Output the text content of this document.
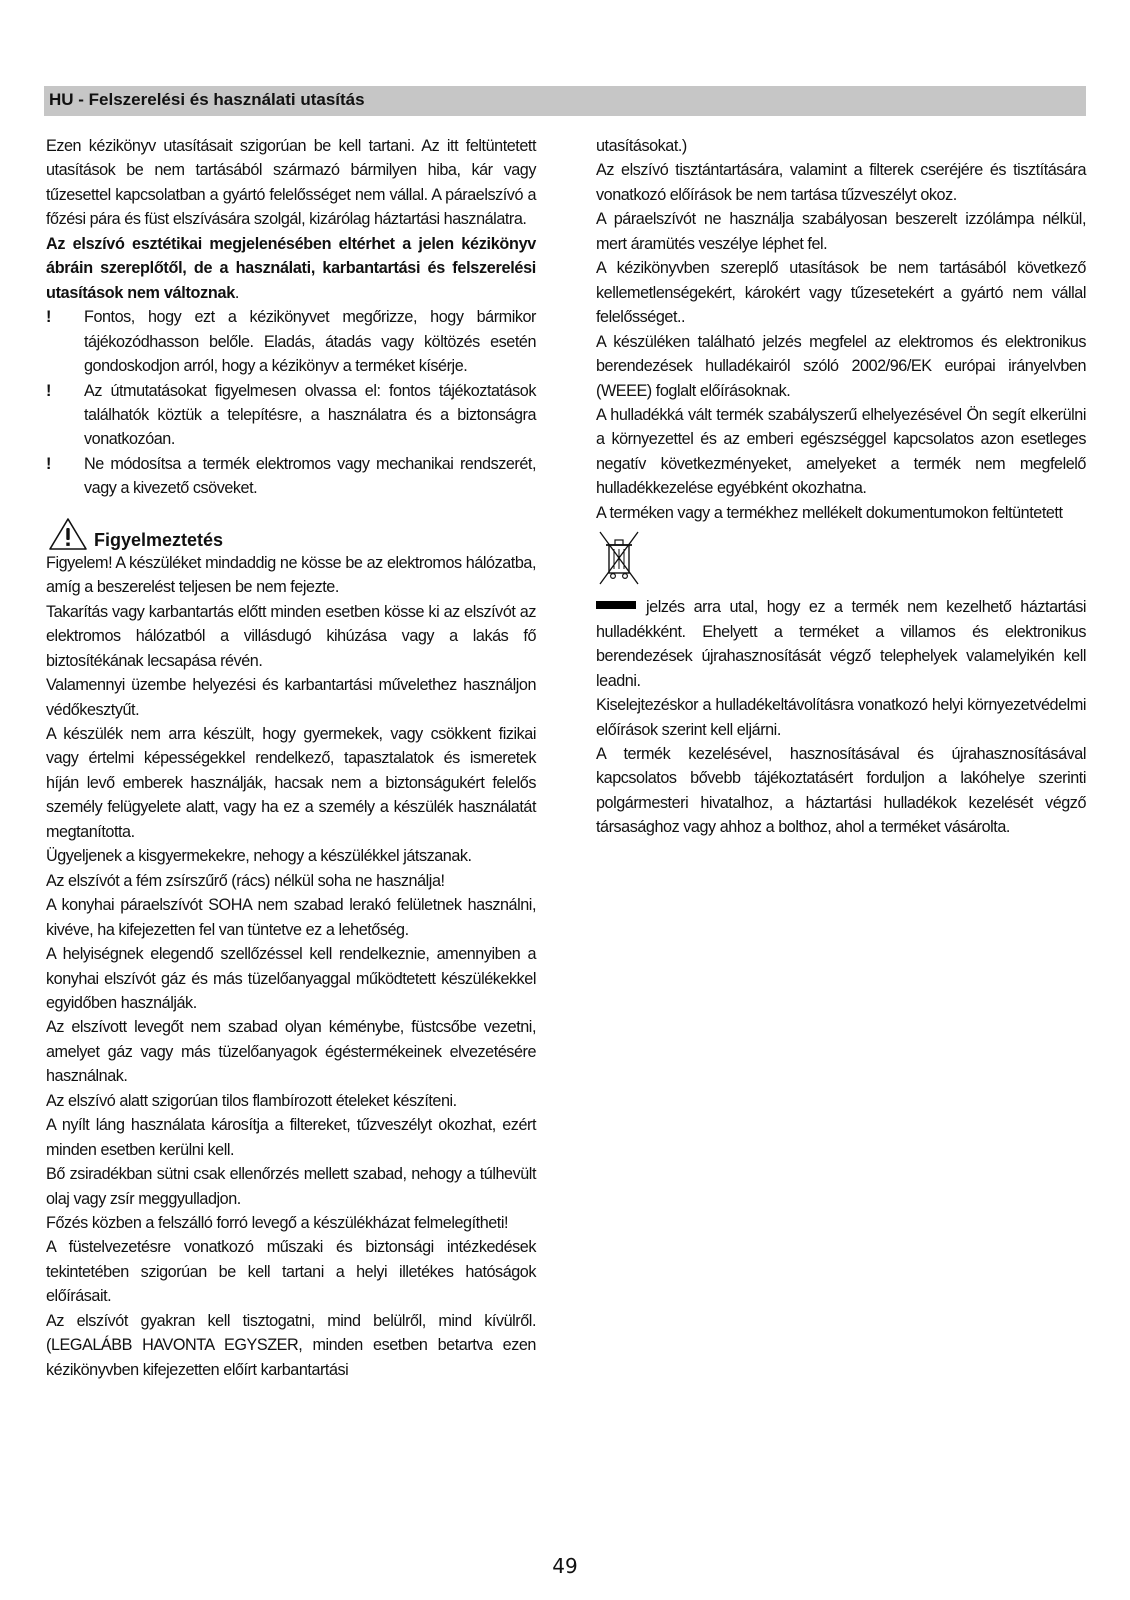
HU - Felszerelési és használati utasítás

Ezen kézikönyv utasításait szigorúan be kell tartani. Az itt feltüntetett utasítások be nem tartásából származó bármilyen hiba, kár vagy tűzesettel kapcsolatban a gyártó felelősséget nem vállal. A páraelszívó a főzési pára és füst elszívására szolgál, kizárólag háztartási használatra.

Az elszívó esztétikai megjelenésében eltérhet a jelen kézikönyv ábráin szereplőtől, de a használati, karbantartási és felszerelési utasítások nem változnak.

!	Fontos, hogy ezt a kézikönyvet megőrizze, hogy bármikor tájékozódhasson belőle. Eladás, átadás vagy költözés esetén gondoskodjon arról, hogy a kézikönyv a terméket kísérje.
!	Az útmutatásokat figyelmesen olvassa el: fontos tájékoztatások találhatók köztük a telepítésre, a használatra és a biztonságra vonatkozóan.
!	Ne módosítsa a termék elektromos vagy mechanikai rendszerét, vagy a kivezető csöveket.
Figyelmeztetés

Figyelem! A készüléket mindaddig ne kösse be az elektromos hálózatba, amíg a beszerelést teljesen be nem fejezte.

Takarítás vagy karbantartás előtt minden esetben kösse ki az elszívót az elektromos hálózatból a villásdugó kihúzása vagy a lakás fő biztosítékának lecsapása révén.

Valamennyi üzembe helyezési és karbantartási művelethez használjon védőkesztyűt.

A készülék nem arra készült, hogy gyermekek, vagy csökkent fizikai vagy értelmi képességekkel rendelkező, tapasztalatok és ismeretek híján levő emberek használják, hacsak nem a biztonságukért felelős személy felügyelete alatt, vagy ha ez a személy a készülék használatát megtanította.

Ügyeljenek a kisgyermekekre, nehogy a készülékkel játszanak.

Az elszívót a fém zsírszűrő (rács) nélkül soha ne használja!

A konyhai páraelszívót SOHA nem szabad lerakó felületnek használni, kivéve, ha kifejezetten fel van tüntetve ez a lehetőség.

A helyiségnek elegendő szellőzéssel kell rendelkeznie, amennyiben a konyhai elszívót gáz és más tüzelőanyaggal működtetett készülékekkel egyidőben használják.

Az elszívott levegőt nem szabad olyan kéménybe, füstcsőbe vezetni, amelyet gáz vagy más tüzelőanyagok égéstermékeinek elvezetésére használnak.

Az elszívó alatt szigorúan tilos flambírozott ételeket készíteni.

A nyílt láng használata károsítja a filtereket, tűzveszélyt okozhat, ezért minden esetben kerülni kell.

Bő zsiradékban sütni csak ellenőrzés mellett szabad, nehogy a túlhevült olaj vagy zsír meggyulladjon.

Főzés közben a felszálló forró levegő a készülékházat felmelegítheti!

A füstelvezetésre vonatkozó műszaki és biztonsági intézkedések tekintetében szigorúan be kell tartani a helyi illetékes hatóságok előírásait.

Az elszívót gyakran kell tisztogatni, mind belülről, mind kívülről. (LEGALÁBB HAVONTA EGYSZER, minden esetben betartva ezen kézikönyvben kifejezetten előírt karbantartási

utasításokat.)

Az elszívó tisztántartására, valamint a filterek cseréjére és tisztítására vonatkozó előírások be nem tartása tűzveszélyt okoz.

A páraelszívót ne használja szabályosan beszerelt izzólámpa nélkül, mert áramütés veszélye léphet fel.

A kézikönyvben szereplő utasítások be nem tartásából következő kellemetlenségekért, károkért vagy tűzesetekért a gyártó nem vállal felelősséget..

A készüléken található jelzés megfelel az elektromos és elektronikus berendezések hulladékairól szóló 2002/96/EK európai irányelvben (WEEE) foglalt előírásoknak.

A hulladékká vált termék szabályszerű elhelyezésével Ön segít elkerülni a környezettel és az emberi egészséggel kapcsolatos azon esetleges negatív következményeket, amelyeket a termék nem megfelelő hulladékkezelése egyébként okozhatna.

A terméken vagy a termékhez mellékelt dokumentumokon feltüntetett

jelzés arra utal, hogy ez a termék nem kezelhető háztartási hulladékként. Ehelyett a terméket a villamos és elektronikus berendezések újrahasznosítását végző telephelyek valamelyikén kell leadni.

Kiselejtezéskor a hulladékeltávolításra vonatkozó helyi környezetvédelmi előírások szerint kell eljárni.

A termék kezelésével, hasznosításával és újrahasznosításával kapcsolatos bővebb tájékoztatásért forduljon a lakóhelye szerinti polgármesteri hivatalhoz, a háztartási hulladékok kezelését végző társasághoz vagy ahhoz a bolthoz, ahol a terméket vásárolta.

49
